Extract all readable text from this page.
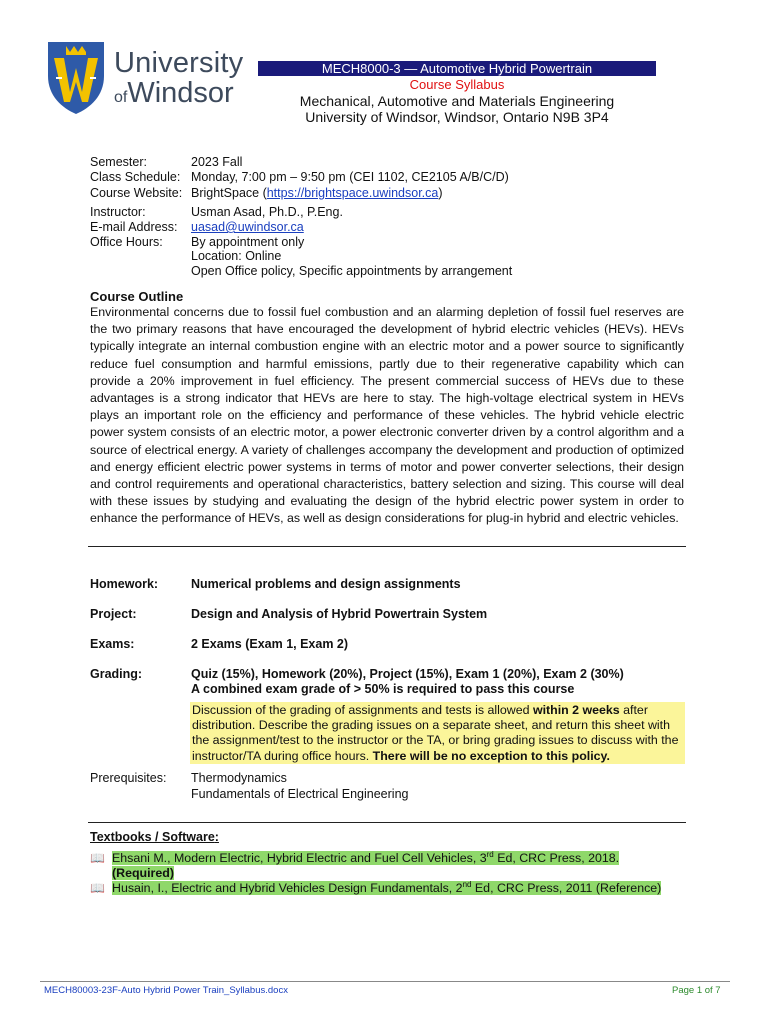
University
ofWindsor
MECH8000-3 — Automotive Hybrid Powertrain
Course Syllabus
Mechanical, Automotive and Materials Engineering
University of Windsor, Windsor, Ontario N9B 3P4
Semester:	2023 Fall
Class Schedule: Monday, 7:00 pm – 9:50 pm (CEI 1102, CE2105 A/B/C/D)
Course Website: BrightSpace (https://brightspace.uwindsor.ca)
Instructor:	Usman Asad, Ph.D., P.Eng.
E-mail Address: uasad@uwindsor.ca
Office Hours: By appointment only
Location: Online
Open Office policy, Specific appointments by arrangement
Course Outline
Environmental concerns due to fossil fuel combustion and an alarming depletion of fossil fuel reserves are the two primary reasons that have encouraged the development of hybrid electric vehicles (HEVs). HEVs typically integrate an internal combustion engine with an electric motor and a power source to significantly reduce fuel consumption and harmful emissions, partly due to their regenerative capability which can provide a 20% improvement in fuel efficiency. The present commercial success of HEVs due to these advantages is a strong indicator that HEVs are here to stay. The high-voltage electrical system in HEVs plays an important role on the efficiency and performance of these vehicles. The hybrid vehicle electric power system consists of an electric motor, a power electronic converter driven by a control algorithm and a source of electrical energy. A variety of challenges accompany the development and production of optimized and energy efficient electric power systems in terms of motor and power converter selections, their design and control requirements and operational characteristics, battery selection and sizing. This course will deal with these issues by studying and evaluating the design of the hybrid electric power system in order to enhance the performance of HEVs, as well as design considerations for plug-in hybrid and electric vehicles.
Homework:	Numerical problems and design assignments
Project:	Design and Analysis of Hybrid Powertrain System
Exams:	2 Exams (Exam 1, Exam 2)
Grading:	Quiz (15%), Homework (20%), Project (15%), Exam 1 (20%), Exam 2 (30%)
A combined exam grade of > 50% is required to pass this course
Discussion of the grading of assignments and tests is allowed within 2 weeks after distribution. Describe the grading issues on a separate sheet, and return this sheet with the assignment/test to the instructor or the TA, or bring grading issues to discuss with the instructor/TA during office hours. There will be no exception to this policy.
Prerequisites: Thermodynamics
Fundamentals of Electrical Engineering
Textbooks / Software:
📖 Ehsani M., Modern Electric, Hybrid Electric and Fuel Cell Vehicles, 3rd Ed, CRC Press, 2018.
(Required)
📖 Husain, I., Electric and Hybrid Vehicles Design Fundamentals, 2nd Ed, CRC Press, 2011 (Reference)
MECH80003-23F-Auto Hybrid Power Train_Syllabus.docx	Page 1 of 7
